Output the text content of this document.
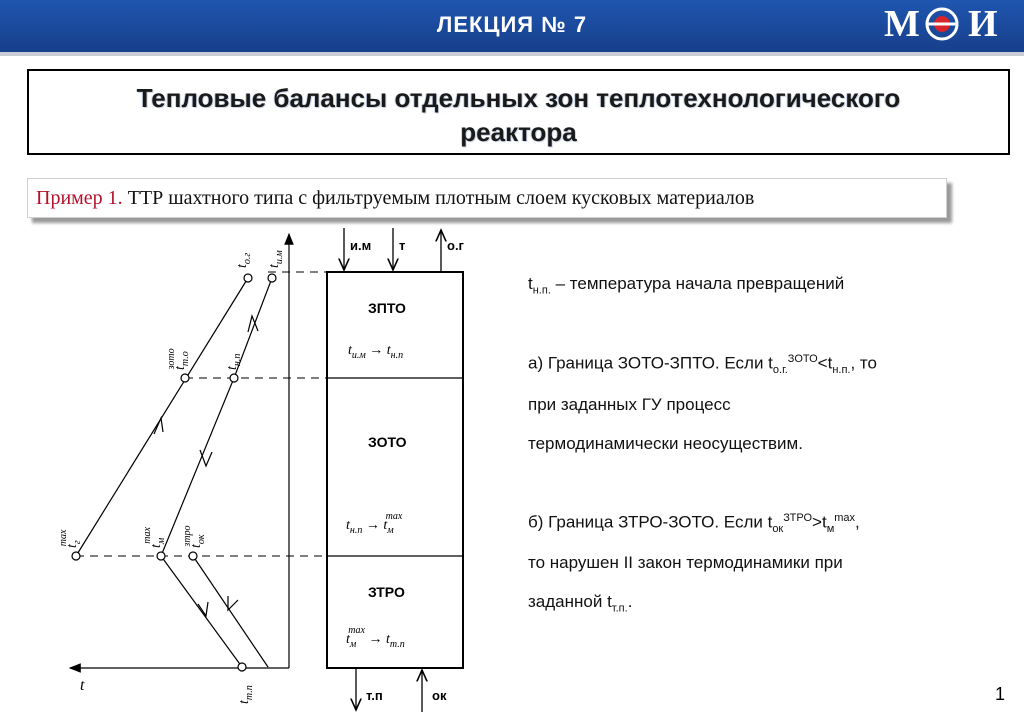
ЛЕКЦИЯ № 7	М И
Тепловые балансы отдельных зон теплотехнологического
реактора
Пример 1. ТТР шахтного типа с фильтруемым плотным слоем кусковых материалов
и.м т	о.г
т.п	ок
ЗПТО
$t_{и.м} \to t_{н.п}$
ЗОТО
$t_{н.п} \to t_м\max$
ЗТРО
$t_м\max \to t_{т.п}$
t
$t_{о.г}$
$t_{и.м}$
$t_{т.о}зото$	$t_{н.п}$
$t_г\max$	$t_м\max$
$t_{ок}зтро$
$t_{т.п}$
$t_{н.п.}$ – температура начала превращений
а) Граница ЗОТО-ЗПТО. Если $t_{о.г.}^{ЗОТО}<t_{н.п.}$, то
при заданных ГУ процесс
термодинамически неосуществим.
б) Граница ЗТРО-ЗОТО. Если $t_{ок}^{ЗТРО}>t_м^{max}$,
то нарушен II закон термодинамики при
заданной $t_{т.п.}$.
1
